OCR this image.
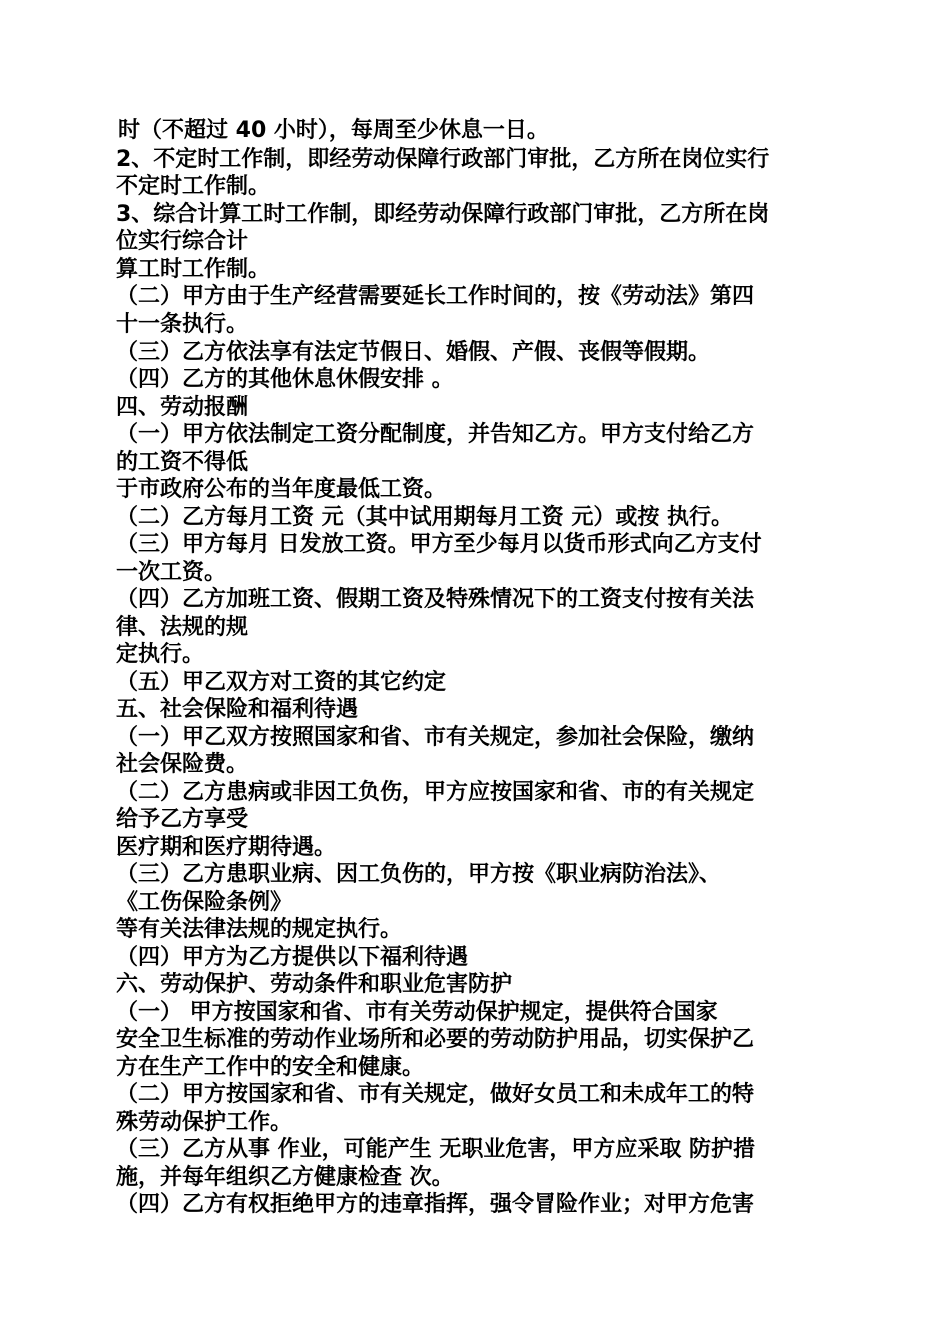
时（不超过 40 小时），每周至少休息一日。
2、不定时工作制，即经劳动保障行政部门审批，乙方所在岗位实行
不定时工作制。
3、综合计算工时工作制，即经劳动保障行政部门审批，乙方所在岗
位实行综合计
算工时工作制。
（二）甲方由于生产经营需要延长工作时间的，按《劳动法》第四
十一条执行。
（三）乙方依法享有法定节假日、婚假、产假、丧假等假期。
（四）乙方的其他休息休假安排 。
四、劳动报酬
（一）甲方依法制定工资分配制度，并告知乙方。甲方支付给乙方
的工资不得低
于市政府公布的当年度最低工资。
（二）乙方每月工资 元（其中试用期每月工资 元）或按 执行。
（三）甲方每月 日发放工资。甲方至少每月以货币形式向乙方支付
一次工资。
（四）乙方加班工资、假期工资及特殊情况下的工资支付按有关法
律、法规的规
定执行。
（五）甲乙双方对工资的其它约定
五、社会保险和福利待遇
（一）甲乙双方按照国家和省、市有关规定，参加社会保险，缴纳
社会保险费。
（二）乙方患病或非因工负伤，甲方应按国家和省、市的有关规定
给予乙方享受
医疗期和医疗期待遇。
（三）乙方患职业病、因工负伤的，甲方按《职业病防治法》、
《工伤保险条例》
等有关法律法规的规定执行。
（四）甲方为乙方提供以下福利待遇
六、劳动保护、劳动条件和职业危害防护
（一） 甲方按国家和省、市有关劳动保护规定，提供符合国家
安全卫生标准的劳动作业场所和必要的劳动防护用品，切实保护乙
方在生产工作中的安全和健康。
（二）甲方按国家和省、市有关规定，做好女员工和未成年工的特
殊劳动保护工作。
（三）乙方从事 作业，可能产生 无职业危害，甲方应采取 防护措
施，并每年组织乙方健康检查 次。
（四）乙方有权拒绝甲方的违章指挥，强令冒险作业；对甲方危害
